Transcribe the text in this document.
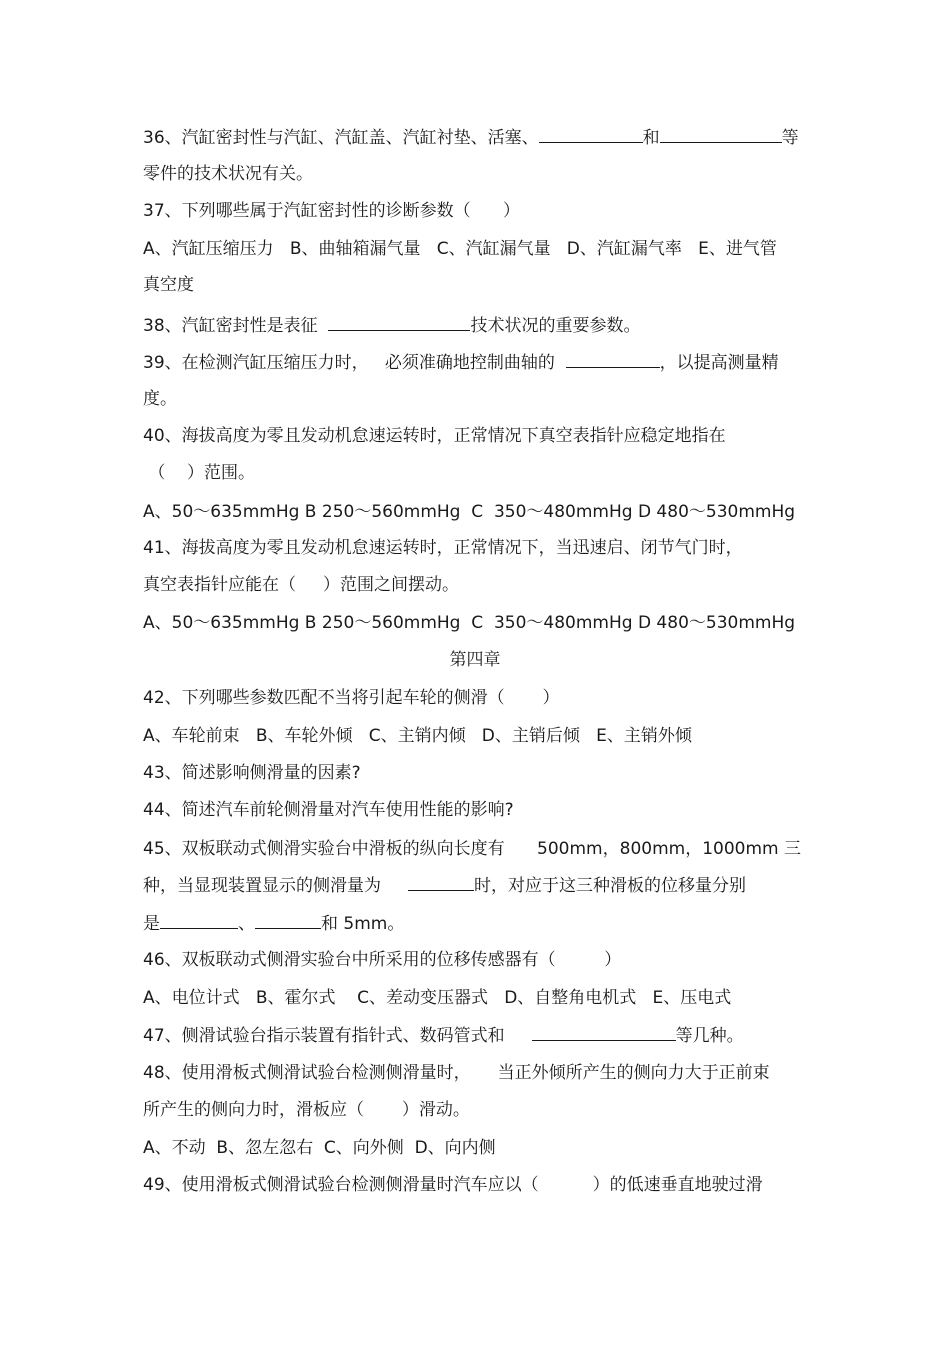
36、汽缸密封性与汽缸、汽缸盖、汽缸衬垫、活塞、	和	等
零件的技术状况有关。
37、下列哪些属于汽缸密封性的诊断参数（      ）
A、汽缸压缩压力   B、曲轴箱漏气量   C、汽缸漏气量   D、汽缸漏气率   E、进气管
真空度
38、汽缸密封性是表征	技术状况的重要参数。
39、在检测汽缸压缩压力时，   必须准确地控制曲轴的	，以提高测量精
度。
40、海拔高度为零且发动机怠速运转时，正常情况下真空表指针应稳定地指在
（    ）范围。
A、50～635mmHg B 250～560mmHg  C  350～480mmHg D 480～530mmHg
41、海拔高度为零且发动机怠速运转时，正常情况下，当迅速启、闭节气门时，
真空表指针应能在（     ）范围之间摆动。
A、50～635mmHg B 250～560mmHg  C  350～480mmHg D 480～530mmHg
第四章
42、下列哪些参数匹配不当将引起车轮的侧滑（       ）
A、车轮前束   B、车轮外倾   C、主销内倾   D、主销后倾   E、主销外倾
43、简述影响侧滑量的因素?
44、简述汽车前轮侧滑量对汽车使用性能的影响?
45、双板联动式侧滑实验台中滑板的纵向长度有      500mm，800mm，1000mm 三
种，当显现装置显示的侧滑量为	时，对应于这三种滑板的位移量分别
是	、	和 5mm。
46、双板联动式侧滑实验台中所采用的位移传感器有（         ）
A、电位计式   B、霍尔式    C、差动变压器式   D、自整角电机式   E、压电式
47、侧滑试验台指示装置有指针式、数码管式和	等几种。
48、使用滑板式侧滑试验台检测侧滑量时，     当正外倾所产生的侧向力大于正前束
所产生的侧向力时，滑板应（       ）滑动。
A、不动  B、忽左忽右  C、向外侧  D、向内侧
49、使用滑板式侧滑试验台检测侧滑量时汽车应以（          ）的低速垂直地驶过滑
